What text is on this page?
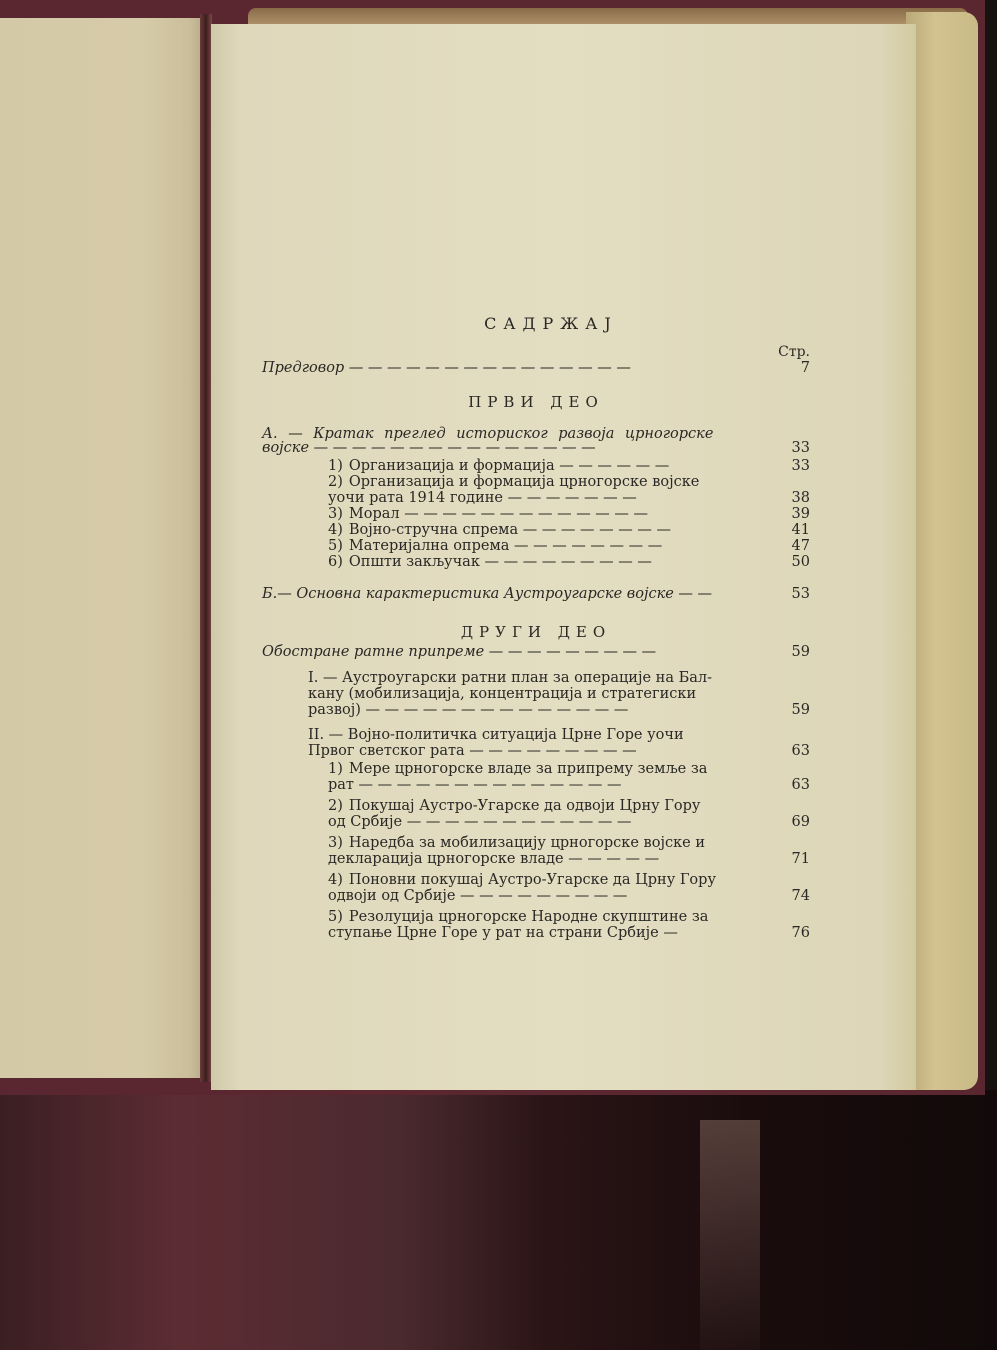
САДРЖАЈ
Стр.
Предговор — — — — — — — — — — — — — — —	7
ПРВИ ДЕО
А. — Кратак преглед историског развоја црногорске
војске — — — — — — — — — — — — — — —	33
1) Организација и формација — — — — — —	33
2) Организација и формација црногорске војске
уочи рата 1914 године — — — — — — —	38
3) Морал — — — — — — — — — — — — —	39
4) Војно-стручна спрема — — — — — — — —	41
5) Материјална опрема — — — — — — — —	47
6) Општи закључак — — — — — — — — —	50
Б.— Основна карактеристика Аустроугарске војске — —	53
ДРУГИ ДЕО
Обостране ратне припреме — — — — — — — — —	59
I. — Аустроугарски ратни план за операције на Бал-
кану (мобилизација, концентрација и стратегиски
развој) — — — — — — — — — — — — — —	59
II. — Војно-политичка ситуација Црне Горе уочи
Првог светског рата — — — — — — — — —	63
1) Мере црногорске владе за припрему земље за
рат — — — — — — — — — — — — — —	63
2) Покушај Аустро-Угарске да одвоји Црну Гору
од Србије — — — — — — — — — — — —	69
3) Наредба за мобилизацију црногорске војске и
декларација црногорске владе — — — — —	71
4) Поновни покушај Аустро-Угарске да Црну Гору
одвоји од Србије — — — — — — — — —	74
5) Резолуција црногорске Народне скупштине за
ступање Црне Горе у рат на страни Србије —	76
